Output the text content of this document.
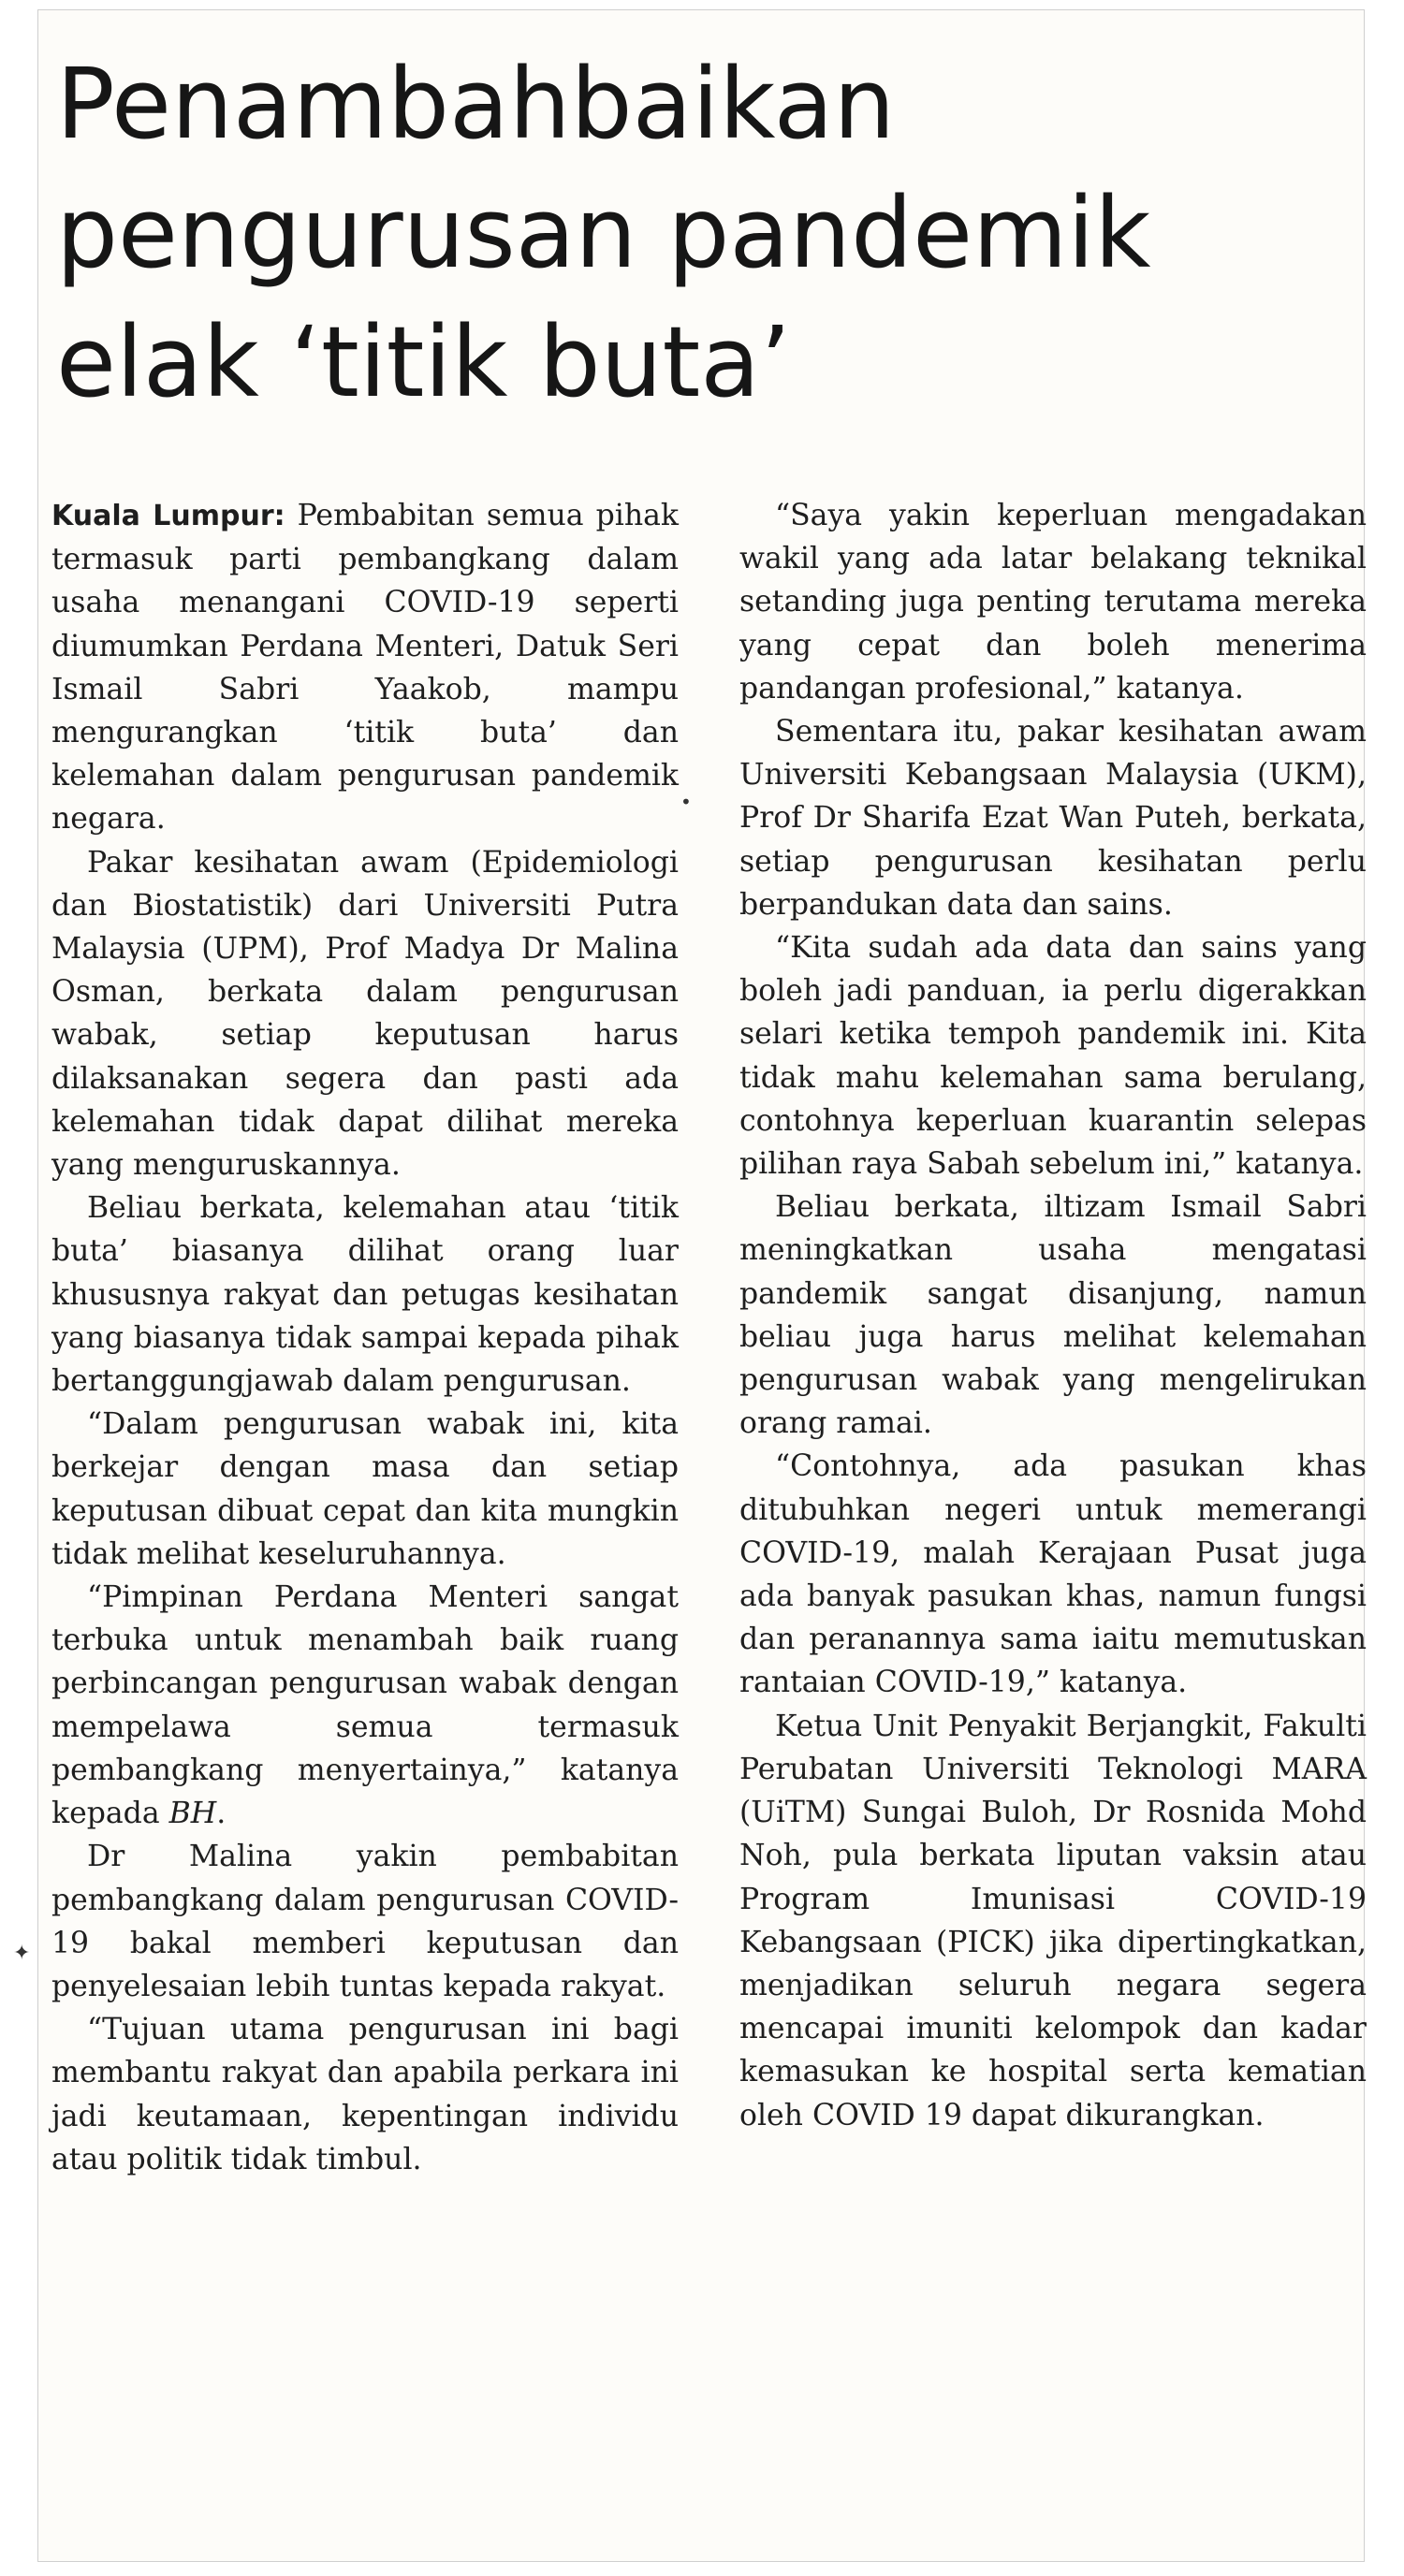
Penambahbaikan
pengurusan pandemik
elak ‘titik buta’

Kuala Lumpur: Pembabitan semua pihak termasuk parti pembangkang dalam usaha menangani COVID-19 seperti diumumkan Perdana Menteri, Datuk Seri Ismail Sabri Yaakob, mampu mengurangkan ‘titik buta’ dan kelemahan dalam pengurusan pandemik negara.

Pakar kesihatan awam (Epidemiologi dan Biostatistik) dari Universiti Putra Malaysia (UPM), Prof Madya Dr Malina Osman, berkata dalam pengurusan wabak, setiap keputusan harus dilaksanakan segera dan pasti ada kelemahan tidak dapat dilihat mereka yang menguruskannya.

Beliau berkata, kelemahan atau ‘titik buta’ biasanya dilihat orang luar khususnya rakyat dan petugas kesihatan yang biasanya tidak sampai kepada pihak bertanggungjawab dalam pengurusan.

“Dalam pengurusan wabak ini, kita berkejar dengan masa dan setiap keputusan dibuat cepat dan kita mungkin tidak melihat keseluruhannya.

“Pimpinan Perdana Menteri sangat terbuka untuk menambah baik ruang perbincangan pengurusan wabak dengan mempelawa semua termasuk pembangkang menyertainya,” katanya kepada BH.

Dr Malina yakin pembabitan pembangkang dalam pengurusan COVID-19 bakal memberi keputusan dan penyelesaian lebih tuntas kepada rakyat.

“Tujuan utama pengurusan ini bagi membantu rakyat dan apabila perkara ini jadi keutamaan, kepentingan individu atau politik tidak timbul.

“Saya yakin keperluan mengadakan wakil yang ada latar belakang teknikal setanding juga penting terutama mereka yang cepat dan boleh menerima pandangan profesional,” katanya.

Sementara itu, pakar kesihatan awam Universiti Kebangsaan Malaysia (UKM), Prof Dr Sharifa Ezat Wan Puteh, berkata, setiap pengurusan kesihatan perlu berpandukan data dan sains.

“Kita sudah ada data dan sains yang boleh jadi panduan, ia perlu digerakkan selari ketika tempoh pandemik ini. Kita tidak mahu kelemahan sama berulang, contohnya keperluan kuarantin selepas pilihan raya Sabah sebelum ini,” katanya.

Beliau berkata, iltizam Ismail Sabri meningkatkan usaha mengatasi pandemik sangat disanjung, namun beliau juga harus melihat kelemahan pengurusan wabak yang mengelirukan orang ramai.

“Contohnya, ada pasukan khas ditubuhkan negeri untuk memerangi COVID-19, malah Kerajaan Pusat juga ada banyak pasukan khas, namun fungsi dan peranannya sama iaitu memutuskan rantaian COVID-19,” katanya.

Ketua Unit Penyakit Berjangkit, Fakulti Perubatan Universiti Teknologi MARA (UiTM) Sungai Buloh, Dr Rosnida Mohd Noh, pula berkata liputan vaksin atau Program Imunisasi COVID-19 Kebangsaan (PICK) jika dipertingkatkan, menjadikan seluruh negara segera mencapai imuniti kelompok dan kadar kemasukan ke hospital serta kematian oleh COVID 19 dapat dikurangkan.

•
✦
